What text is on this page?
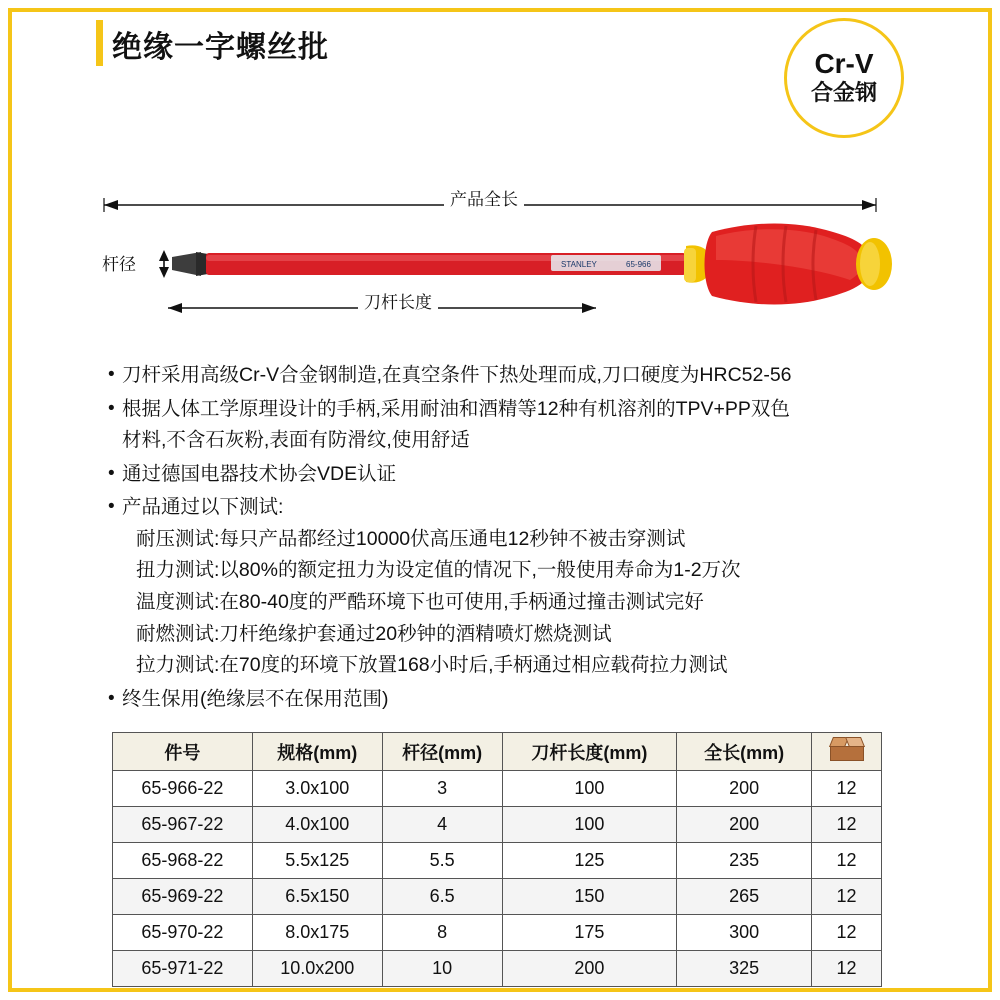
绝缘一字螺丝批	Cr-V
合金钢
STANLEY	65-966
产品全长
刀杆长度
杆径
• 刀杆采用高级Cr-V合金钢制造,在真空条件下热处理而成,刀口硬度为HRC52-56
• 根据人体工学原理设计的手柄,采用耐油和酒精等12种有机溶剂的TPV+PP双色
材料,不含石灰粉,表面有防滑纹,使用舒适
• 通过德国电器技术协会VDE认证
• 产品通过以下测试:
耐压测试:每只产品都经过10000伏高压通电12秒钟不被击穿测试
扭力测试:以80%的额定扭力为设定值的情况下,一般使用寿命为1-2万次
温度测试:在80-40度的严酷环境下也可使用,手柄通过撞击测试完好
耐燃测试:刀杆绝缘护套通过20秒钟的酒精喷灯燃烧测试
拉力测试:在70度的环境下放置168小时后,手柄通过相应载荷拉力测试
• 终生保用(绝缘层不在保用范围)
件号	规格(mm)	杆径(mm)	刀杆长度(mm)	全长(mm)	

65-966-22	3.0x100	3	100	200	12
65-967-22	4.0x100	4	100	200	12
65-968-22	5.5x125	5.5	125	235	12
65-969-22	6.5x150	6.5	150	265	12
65-970-22	8.0x175	8	175	300	12
65-971-22	10.0x200	10	200	325	12
